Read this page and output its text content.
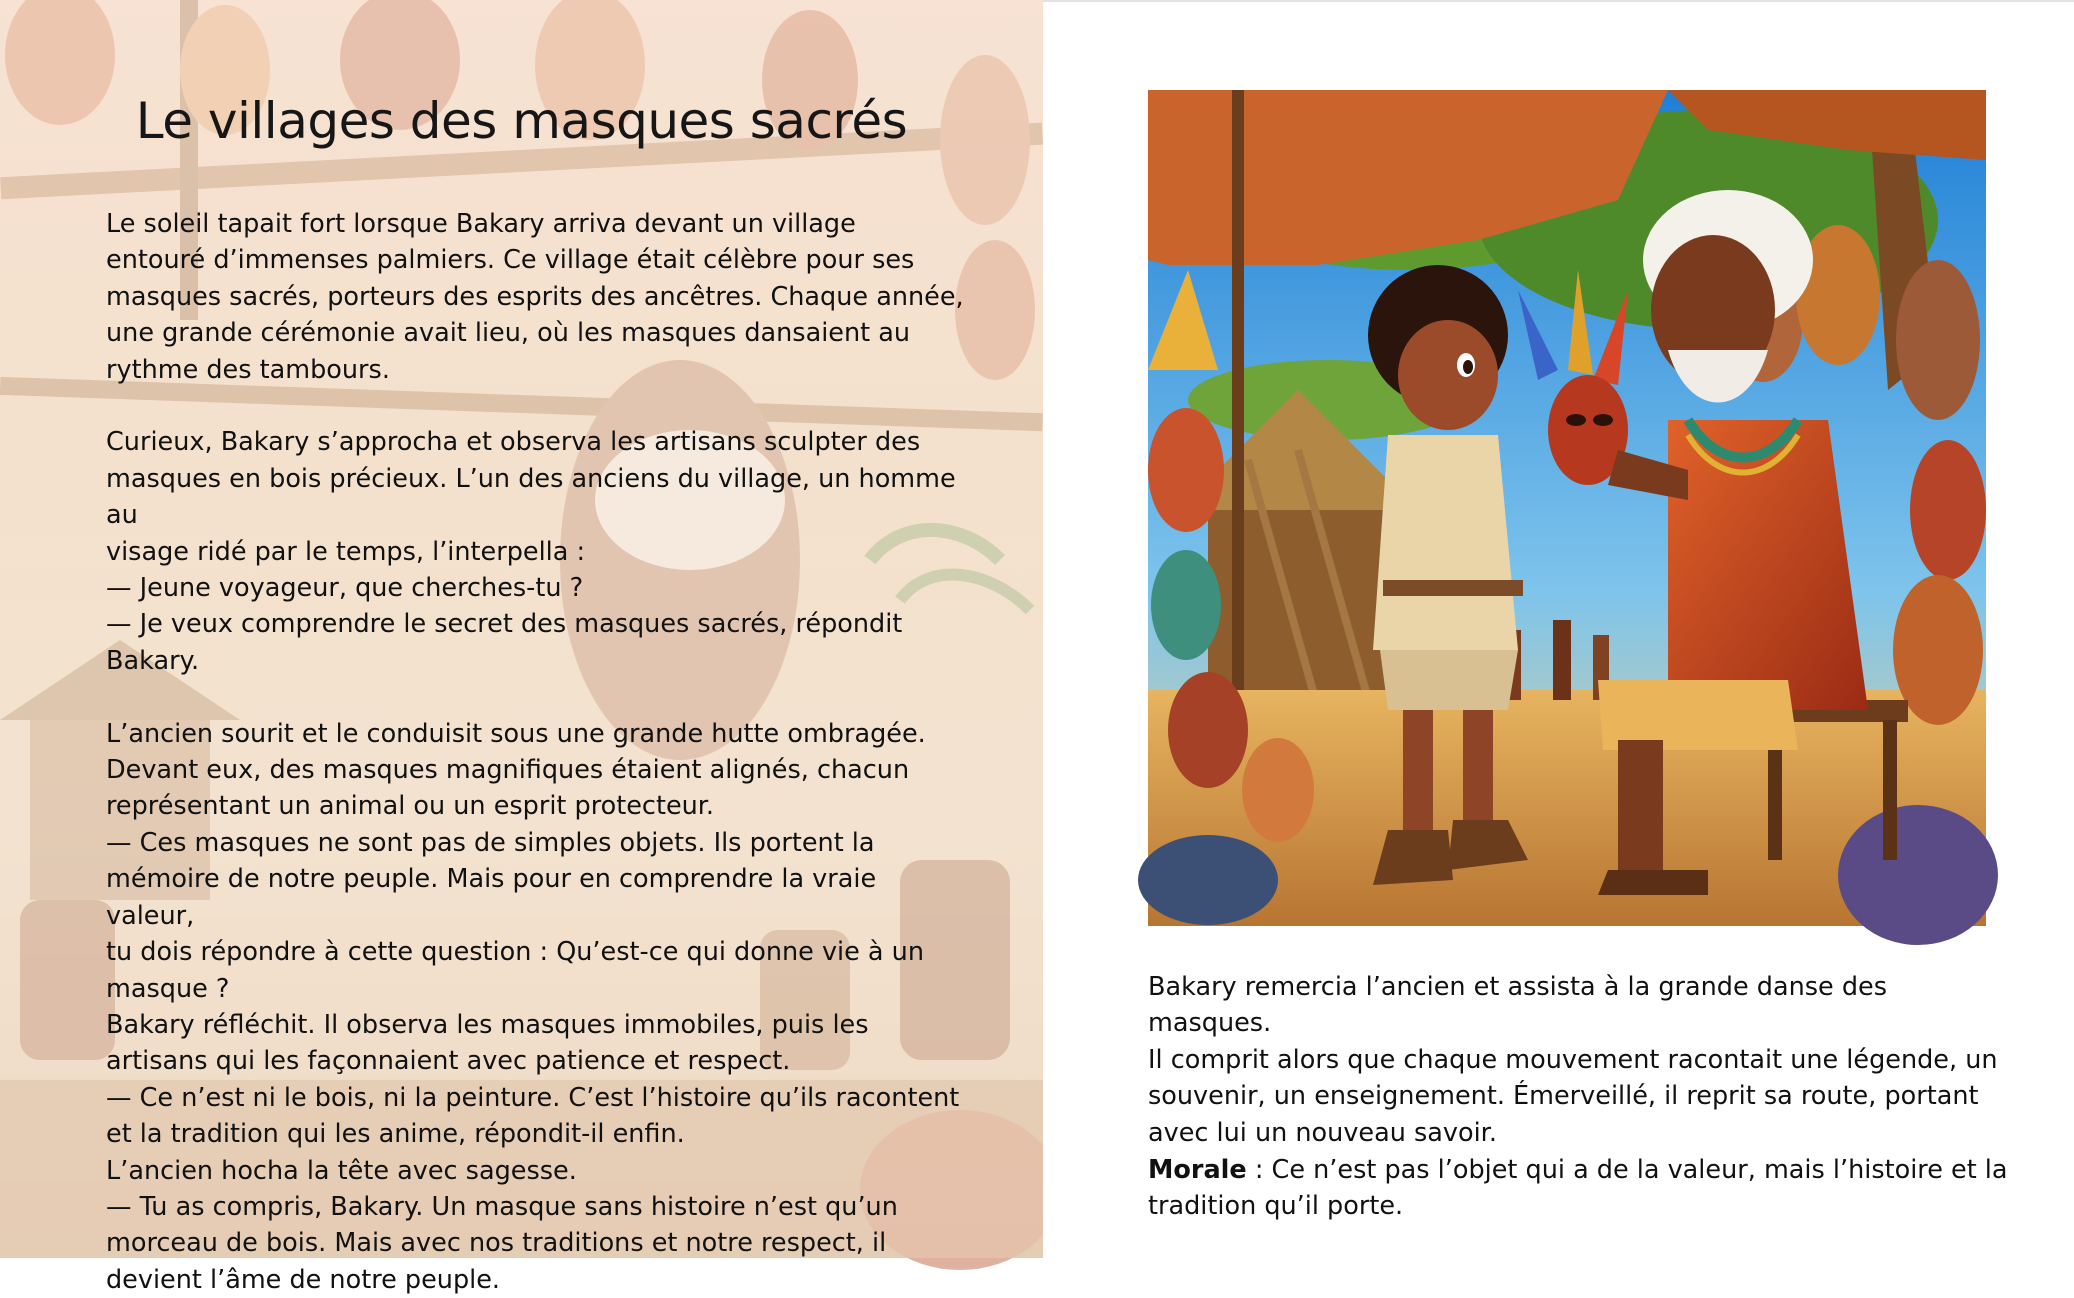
Le villages des masques sacrés

Le soleil tapait fort lorsque Bakary arriva devant un village

entouré d’immenses palmiers. Ce village était célèbre pour ses

masques sacrés, porteurs des esprits des ancêtres. Chaque année,

une grande cérémonie avait lieu, où les masques dansaient au

rythme des tambours.

Curieux, Bakary s’approcha et observa les artisans sculpter des

masques en bois précieux. L’un des anciens du village, un homme au

visage ridé par le temps, l’interpella :

— Jeune voyageur, que cherches-tu ?

— Je veux comprendre le secret des masques sacrés, répondit

Bakary.

L’ancien sourit et le conduisit sous une grande hutte ombragée.

Devant eux, des masques magnifiques étaient alignés, chacun

représentant un animal ou un esprit protecteur.

— Ces masques ne sont pas de simples objets. Ils portent la

mémoire de notre peuple. Mais pour en comprendre la vraie valeur,

tu dois répondre à cette question : Qu’est-ce qui donne vie à un

masque ?

Bakary réfléchit. Il observa les masques immobiles, puis les

artisans qui les façonnaient avec patience et respect.

— Ce n’est ni le bois, ni la peinture. C’est l’histoire qu’ils racontent

et la tradition qui les anime, répondit-il enfin.

L’ancien hocha la tête avec sagesse.

— Tu as compris, Bakary. Un masque sans histoire n’est qu’un

morceau de bois. Mais avec nos traditions et notre respect, il

devient l’âme de notre peuple.

Bakary remercia l’ancien et assista à la grande danse des masques.

Il comprit alors que chaque mouvement racontait une légende, un

souvenir, un enseignement. Émerveillé, il reprit sa route, portant

avec lui un nouveau savoir.

Morale : Ce n’est pas l’objet qui a de la valeur, mais l’histoire et la
tradition qu’il porte.
